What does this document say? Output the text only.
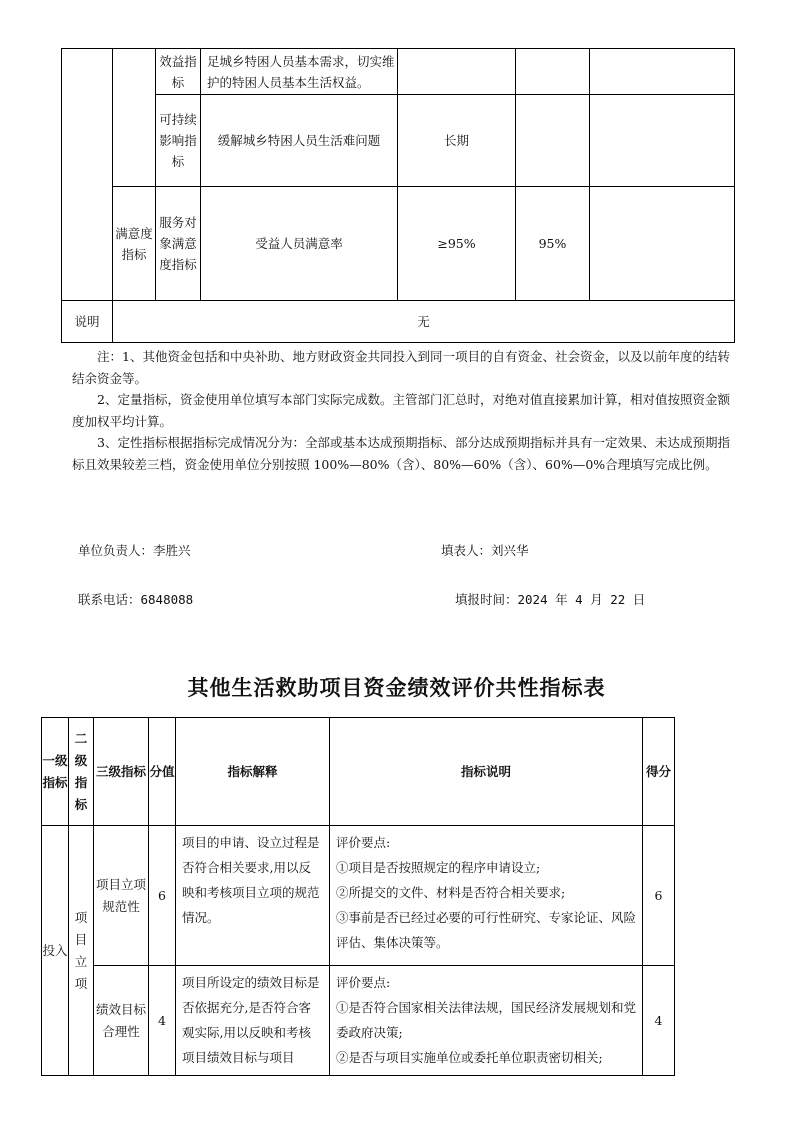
		效益指标	足城乡特困人员基本需求，切实维护的特困人员基本生活权益。			
		可持续影响指标	缓解城乡特困人员生活难问题	长期		
	满意度指标	服务对象满意度指标	受益人员满意率	≥95%	95%	

说明	无					

注：1、其他资金包括和中央补助、地方财政资金共同投入到同一项目的自有资金、社会资金，以及以前年度的结转结余资金等。

2、定量指标，资金使用单位填写本部门实际完成数。主管部门汇总时，对绝对值直接累加计算，相对值按照资金额度加权平均计算。

3、定性指标根据指标完成情况分为：全部或基本达成预期指标、部分达成预期指标并具有一定效果、未达成预期指标且效果较差三档，资金使用单位分别按照 100%—80%（含）、80%—60%（含）、60%—0%合理填写完成比例。

单位负责人：李胜兴	填表人：刘兴华
联系电话：6848088	填报时间：2024 年 4 月 22 日
其他生活救助项目资金绩效评价共性指标表
一级指标	二级指标	三级指标	分值	指标解释	指标说明	得分
投入	项目立项	项目立项规范性	6	项目的申请、设立过程是否符合相关要求,用以反映和考核项目立项的规范情况。	评价要点:
①项目是否按照规定的程序申请设立;
②所提交的文件、材料是否符合相关要求;
③事前是否已经过必要的可行性研究、专家论证、风险评估、集体决策等。	6
		绩效目标合理性	4	项目所设定的绩效目标是否依据充分,是否符合客观实际,用以反映和考核项目绩效目标与项目	评价要点:
①是否符合国家相关法律法规，国民经济发展规划和党委政府决策;
②是否与项目实施单位或委托单位职责密切相关;	4
